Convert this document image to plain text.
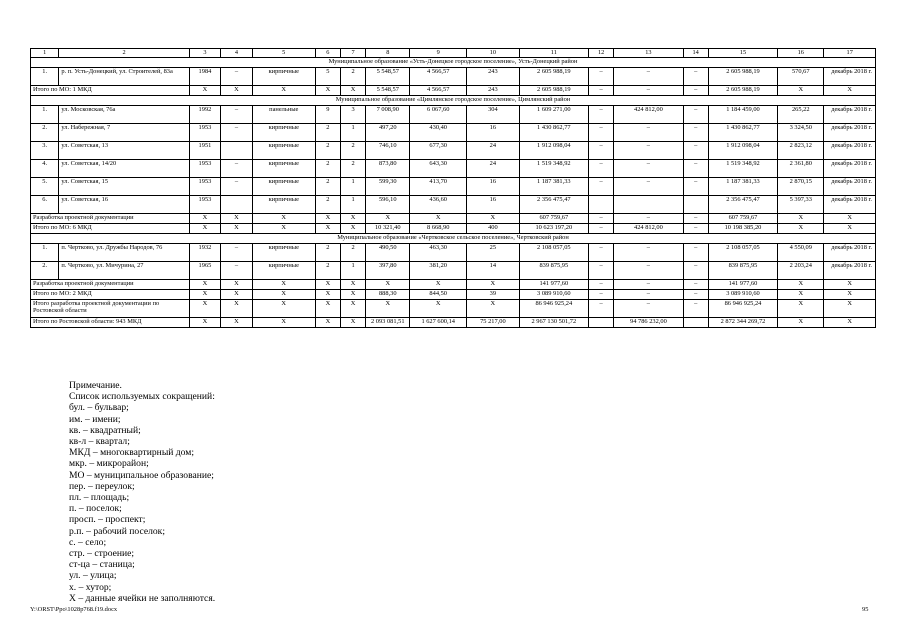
1	2	3	4	5	6	7	8	9	10	11	12	13	14	15	16	17
Муниципальное образование «Усть-Донецкое городское поселение», Усть-Донецкий район																
1.	р. п. Усть-Донецкий, ул. Строителей, 83а	1984	–	кирпичные	5	2	5 548,57	4 566,57	243	2 605 988,19	–	–	–	2 605 988,19	570,67	декабрь 2018 г.
Итого по МО: 1 МКД		X	X	X	X	X	5 548,57	4 566,57	243	2 605 988,19	–	–	–	2 605 988,19	X	X
Муниципальное образование «Цимлянское городское поселение», Цимлянский район																
1.	ул. Московская, 76а	1992	–	панельные	9	3	7 008,90	6 067,60	304	1 609 271,00	–	424 812,00	–	1 184 459,00	265,22	декабрь 2018 г.
2.	ул. Набережная, 7	1953	–	кирпичные	2	1	497,20	430,40	16	1 430 862,77	–	–	–	1 430 862,77	3 324,50	декабрь 2018 г.
3.	ул. Советская, 13	1951		кирпичные	2	2	746,10	677,30	24	1 912 098,04	–	–	–	1 912 098,04	2 823,12	декабрь 2018 г.
4.	ул. Советская, 14/20	1953	–	кирпичные	2	2	873,80	643,30	24	1 519 348,92	–	–	–	1 519 348,92	2 361,80	декабрь 2018 г.
5.	ул. Советская, 15	1953	–	кирпичные	2	1	599,30	413,70	16	1 187 381,33	–	–	–	1 187 381,33	2 870,15	декабрь 2018 г.
6.	ул. Советская, 16	1953		кирпичные	2	1	596,10	436,60	16	2 356 475,47				2 356 475,47	5 397,33	декабрь 2018 г.
Разработка проектной документации		X	X	X	X	X	X	X	X	607 759,67	–	–	–	607 759,67	X	X
Итого по МО: 6 МКД		X	X	X	X	X	10 321,40	8 668,90	400	10 623 197,20	–	424 812,00	–	10 198 385,20	X	X
Муниципальное образование «Чертковское сельское поселение», Чертковский район																
1.	п. Чертково, ул. Дружбы Народов, 76	1932	–	кирпичные	2	2	490,50	463,30	25	2 108 057,05	–	–	–	2 108 057,05	4 550,09	декабрь 2018 г.
2.	п. Чертково, ул. Мичурина, 27	1965	–	кирпичные	2	1	397,80	381,20	14	839 875,95	–	–	–	839 875,95	2 203,24	декабрь 2018 г.
Разработка проектной документации		X	X	X	X	X	X	X	X	141 977,60	–	–	–	141 977,60	X	X
Итого по МО: 2 МКД		X	X	X	X	X	888,30	844,50	39	3 089 910,60	–	–	–	3 089 910,60	X	X
Итого разработка проектной документации по Ростовской области		X	X	X	X	X	X	X	X	86 946 925,24	–	–	–	86 946 925,24	X	X
Итого по Ростовской области: 943 МКД		X	X	X	X	X	2 093 081,51	1 627 600,14	75 217,00	2 967 130 501,72		94 786 232,00		2 872 344 269,72	X	X
Примечание.
Список используемых сокращений:
бул. – бульвар;
им. – имени;
кв. – квадратный;
кв-л – квартал;
МКД – многоквартирный дом;
мкр. – микрорайон;
МО – муниципальное образование;
пер. – переулок;
пл. – площадь;
п. – поселок;
просп. – проспект;
р.п. – рабочий поселок;
с. – село;
стр. – строение;
ст-ца – станица;
ул. – улица;
х. – хутор;
X – данные ячейки не заполняются.
Y:\ORST\Ppo\1028p768.f19.docx	95
